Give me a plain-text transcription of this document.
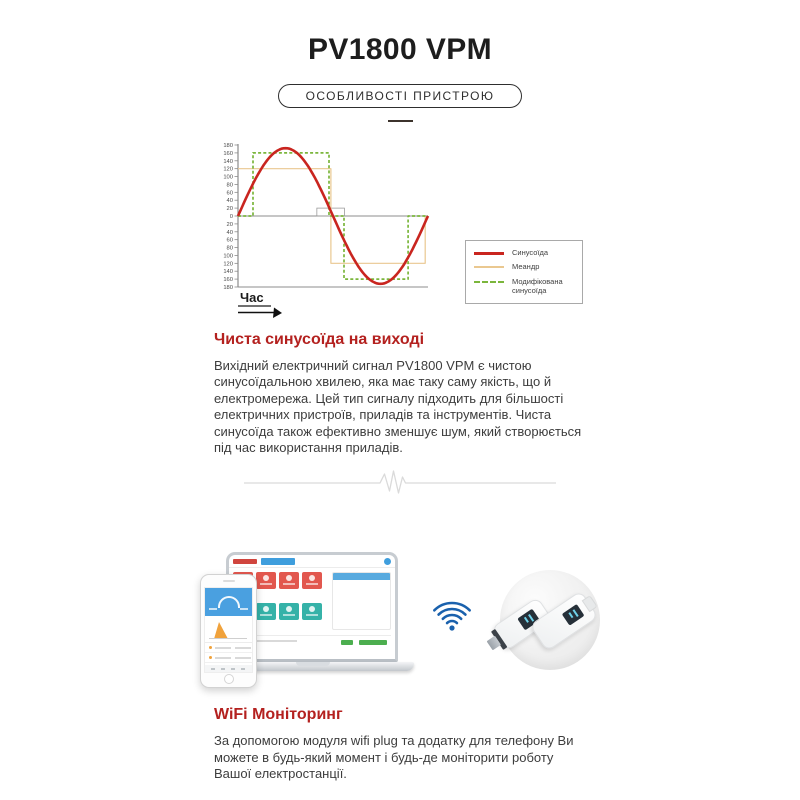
PV1800 VPM
ОСОБЛИВОСТІ ПРИСТРОЮ
180
160
140
120
100
80
60
40
20
0
20
40
60
80
100
120
140
160
180
Час
Синусоїда
Меандр
Модифікована синусоїда
Чиста синусоїда на виході

Вихідний електричний сигнал PV1800 VPM є чистою синусоїдальною хвилею, яка має таку саму якість, що й електромережа. Цей тип сигналу підходить для більшості електричних пристроїв, приладів та інструментів. Чиста синусоїда також ефективно зменшує шум, який створюється під час використання приладів.

WiFi Моніторинг

За допомогою модуля wifi plug та додатку для телефону Ви можете в будь-який момент і будь-де моніторити роботу Вашої електростанції.
